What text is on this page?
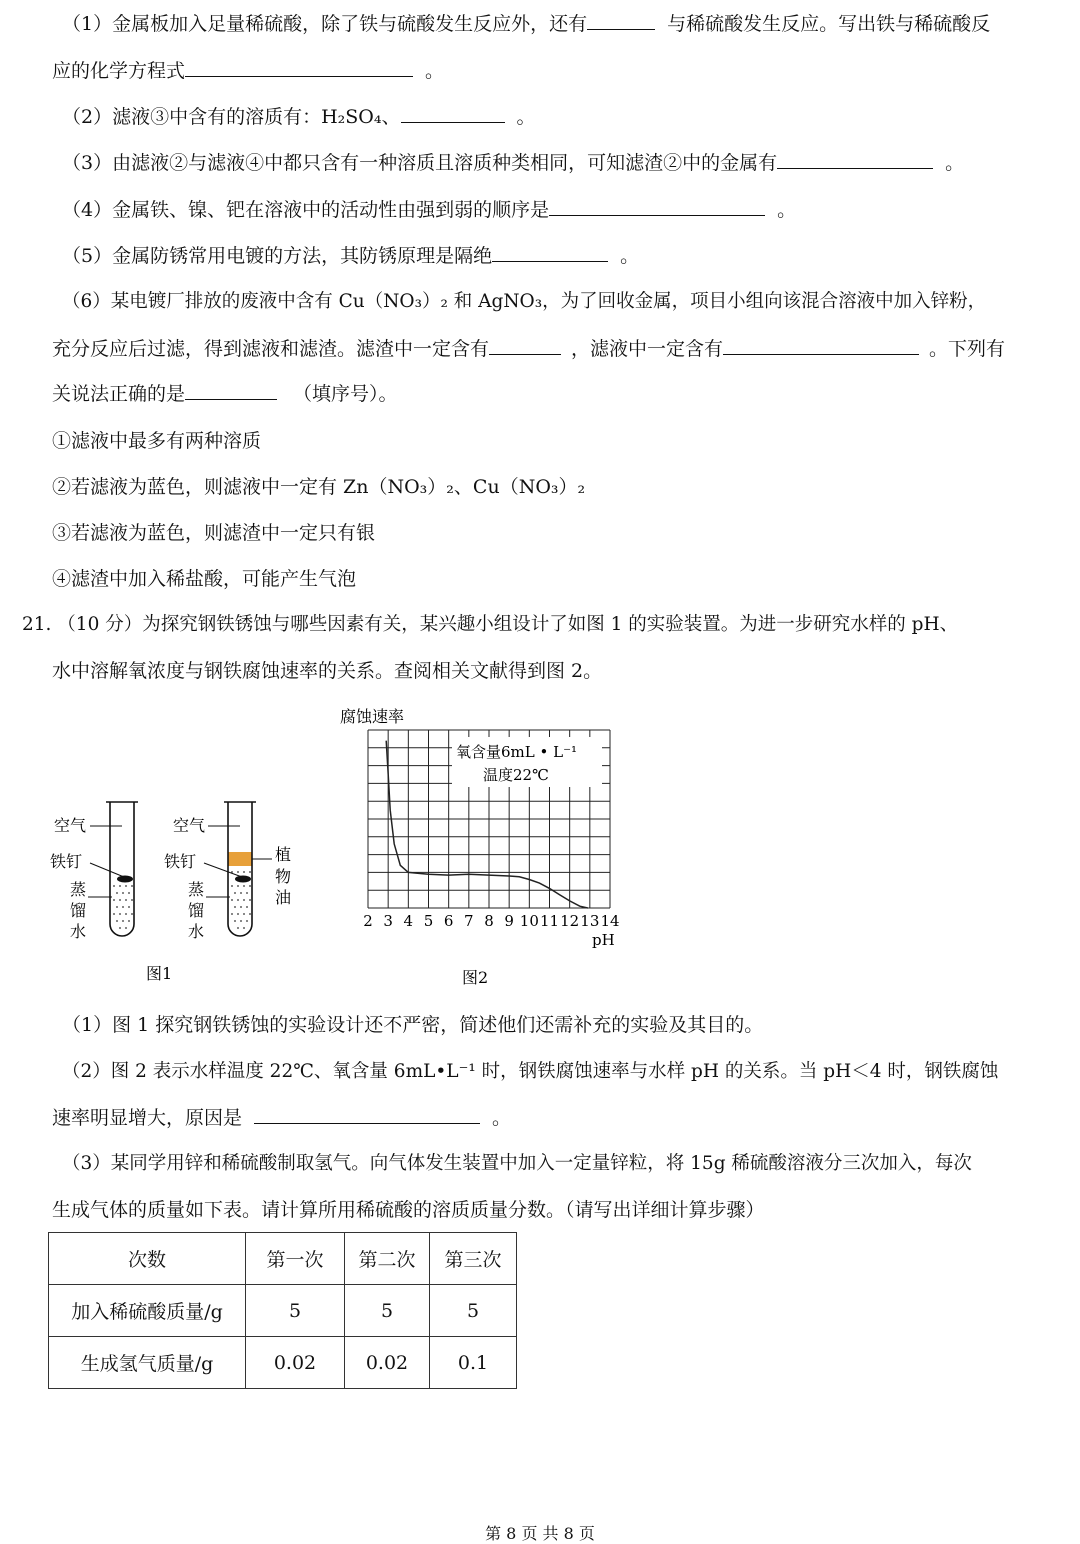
（1）金属板加入足量稀硫酸，除了铁与硫酸发生反应外，还有	与稀硫酸发生反应。写出铁与稀硫酸反
应的化学方程式	。
（2）滤液③中含有的溶质有：H₂SO₄、	。
（3）由滤液②与滤液④中都只含有一种溶质且溶质种类相同，可知滤渣②中的金属有	。
（4）金属铁、镍、钯在溶液中的活动性由强到弱的顺序是	。
（5）金属防锈常用电镀的方法，其防锈原理是隔绝	。
（6）某电镀厂排放的废液中含有 Cu（NO₃）₂ 和 AgNO₃，为了回收金属，项目小组向该混合溶液中加入锌粉，
充分反应后过滤，得到滤液和滤渣。滤渣中一定含有	，滤液中一定含有	。下列有
关说法正确的是	（填序号）。
①滤液中最多有两种溶质
②若滤液为蓝色，则滤液中一定有 Zn（NO₃）₂、Cu（NO₃）₂
③若滤液为蓝色，则滤渣中一定只有银
④滤渣中加入稀盐酸，可能产生气泡
21. （10 分）为探究钢铁锈蚀与哪些因素有关，某兴趣小组设计了如图 1 的实验装置。为进一步研究水样的 pH、
水中溶解氧浓度与钢铁腐蚀速率的关系。查阅相关文献得到图 2。
空气
铁钉
蒸
馏
水
空气
铁钉
蒸
馏
水
植
物
油
图1
腐蚀速率
2 3 4 5 6 7 8 9 10 11 12 13 14
氧含量6mL • L⁻¹
温度22℃
pH
图2
（1）图 1 探究钢铁锈蚀的实验设计还不严密，简述他们还需补充的实验及其目的。
（2）图 2 表示水样温度 22℃、氧含量 6mL•L⁻¹ 时，钢铁腐蚀速率与水样 pH 的关系。当 pH＜4 时，钢铁腐蚀
速率明显增大，原因是	。
（3）某同学用锌和稀硫酸制取氢气。向气体发生装置中加入一定量锌粒，将 15g 稀硫酸溶液分三次加入，每次
生成气体的质量如下表。请计算所用稀硫酸的溶质质量分数。（请写出详细计算步骤）
次数	第一次	第二次	第三次
加入稀硫酸质量/g	5	5	5
生成氢气质量/g	0.02	0.02	0.1
第 8 页 共 8 页
